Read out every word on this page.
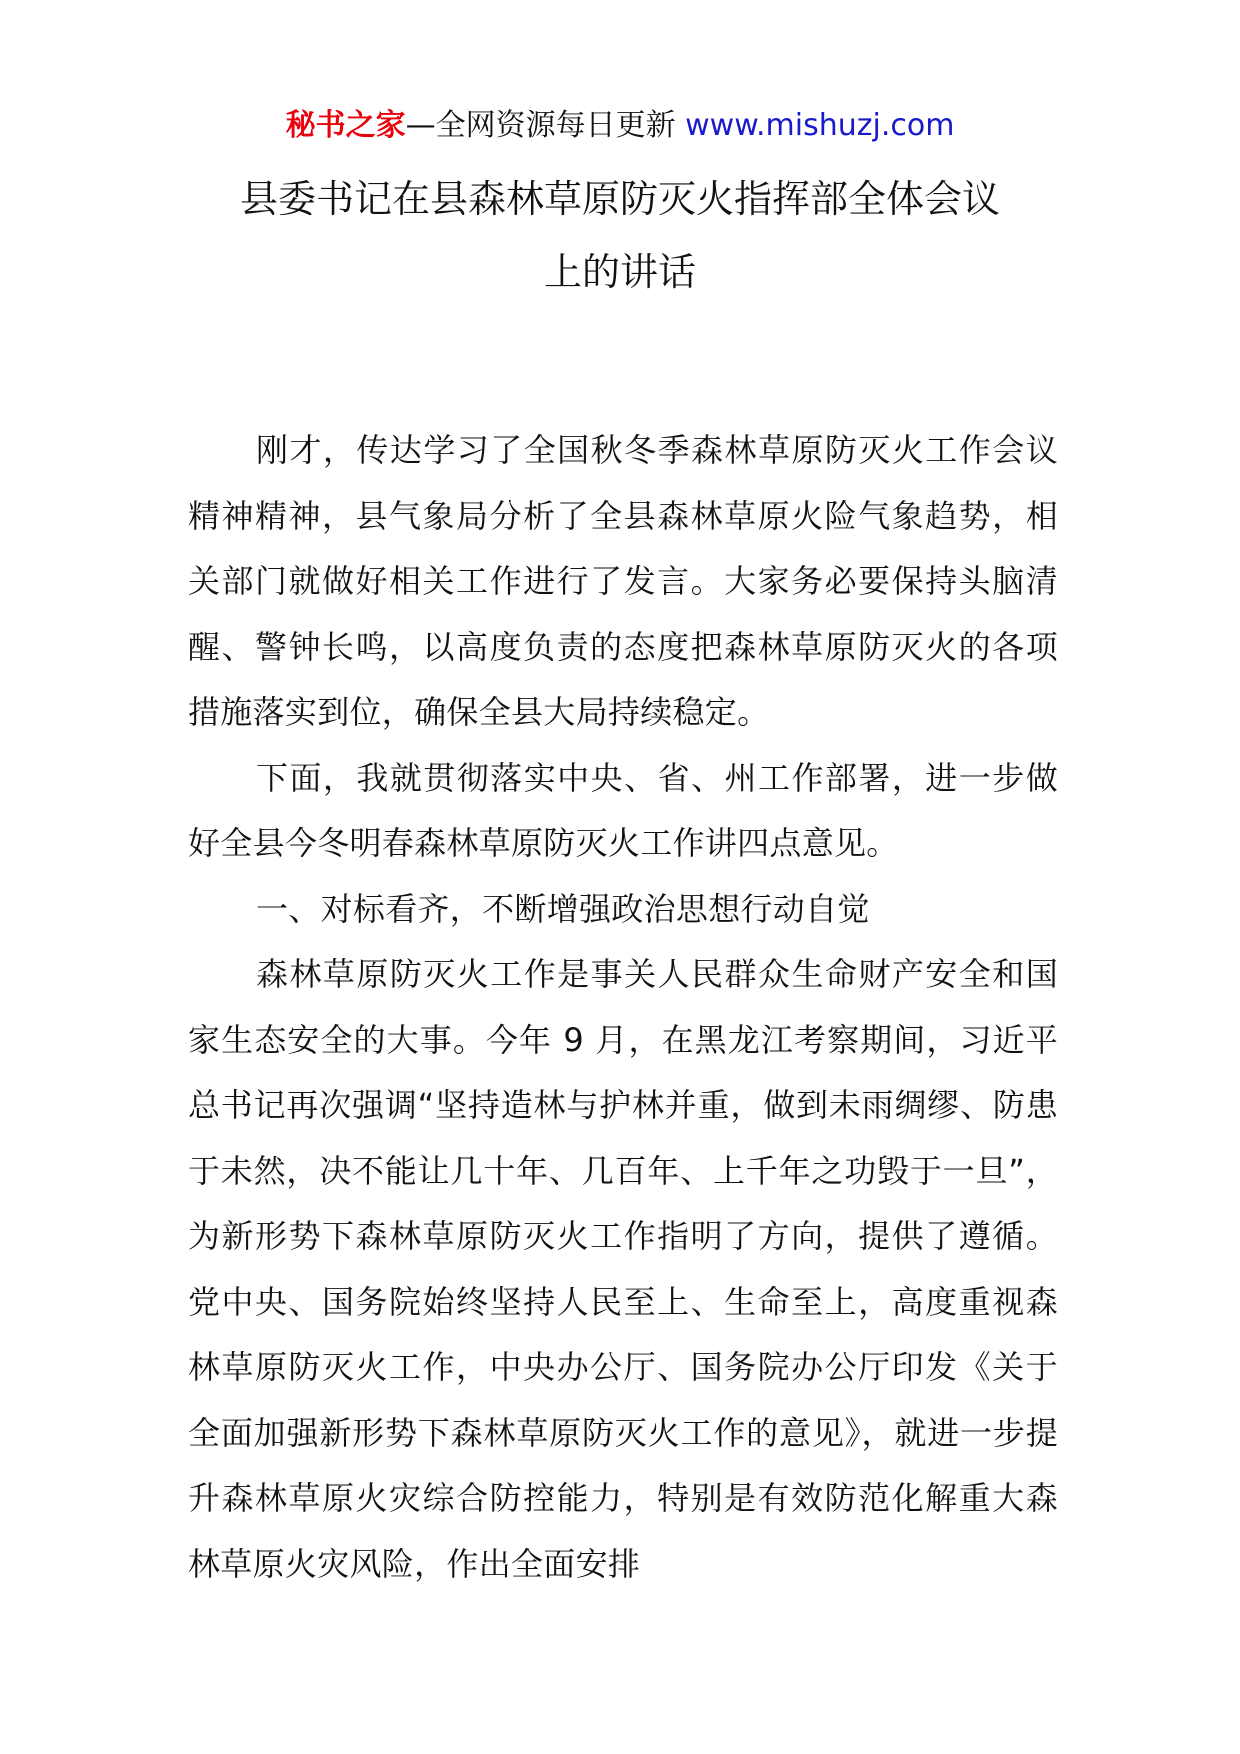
秘书之家—全网资源每日更新 www.mishuzj.com
县委书记在县森林草原防灭火指挥部全体会议
上的讲话

刚才，传达学习了全国秋冬季森林草原防灭火工作会议精神精神，县气象局分析了全县森林草原火险气象趋势，相关部门就做好相关工作进行了发言。大家务必要保持头脑清醒、警钟长鸣，以高度负责的态度把森林草原防灭火的各项措施落实到位，确保全县大局持续稳定。

下面，我就贯彻落实中央、省、州工作部署，进一步做好全县今冬明春森林草原防灭火工作讲四点意见。

一、对标看齐，不断增强政治思想行动自觉

森林草原防灭火工作是事关人民群众生命财产安全和国家生态安全的大事。今年 9 月，在黑龙江考察期间，习近平总书记再次强调“坚持造林与护林并重，做到未雨绸缪、防患于未然，决不能让几十年、几百年、上千年之功毁于一旦”，为新形势下森林草原防灭火工作指明了方向，提供了遵循。党中央、国务院始终坚持人民至上、生命至上，高度重视森林草原防灭火工作，中央办公厅、国务院办公厅印发《关于全面加强新形势下森林草原防灭火工作的意见》，就进一步提升森林草原火灾综合防控能力，特别是有效防范化解重大森林草原火灾风险，作出全面安排
